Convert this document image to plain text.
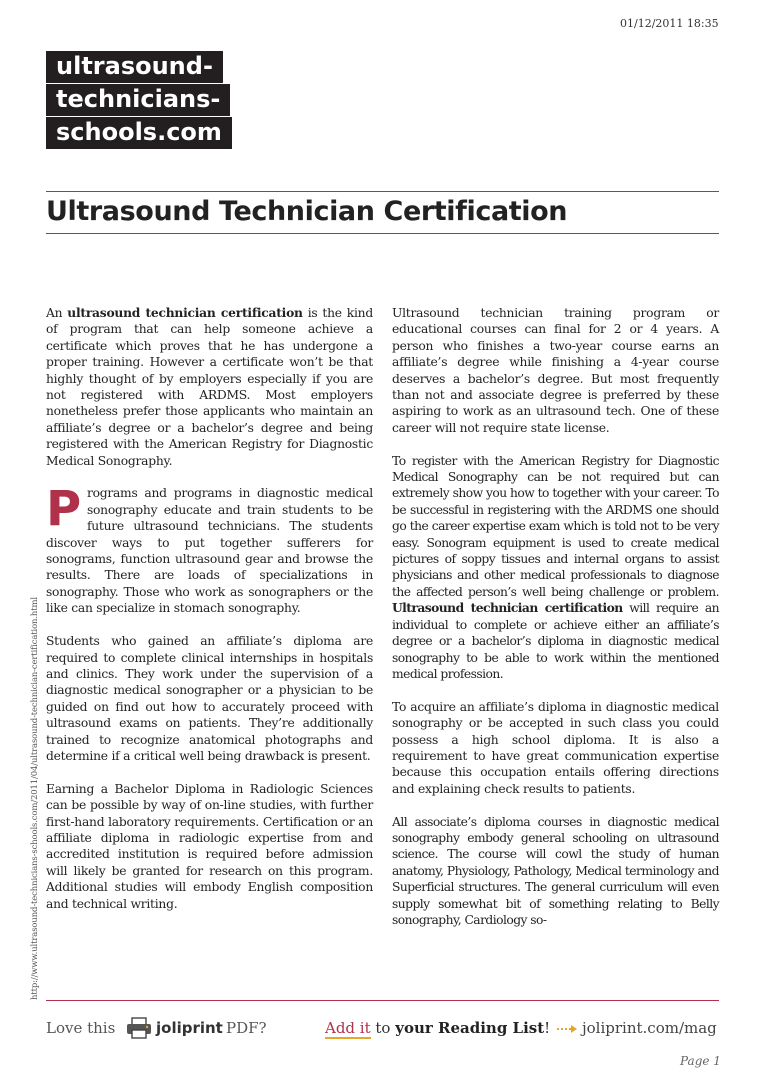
ultrasound-technicians-
schools.com
01/12/2011 18:35
Ultrasound Technician Certification
http://www.ultrasound-technicians-schools.com/2011/04/ultrasound-technician-certification.html

An ultrasound technician certification is the kind of program that can help someone achieve a certificate which proves that he has undergone a proper training. However a certificate won’t be that highly thought of by employers especially if you are not registered with ARDMS. Most employers nonetheless prefer those applicants who maintain an affiliate’s degree or a bachelor’s degree and being registered with the American Registry for Diagnostic Medical Sonography.

Programs and programs in diagnostic medical sonography educate and train students to be future ultrasound technicians. The students discover ways to put together sufferers for sonograms, function ultrasound gear and browse the results. There are loads of specializations in sonography. Those who work as sonographers or the like can specialize in stomach sonography.

Students who gained an affiliate’s diploma are required to complete clinical internships in hospitals and clinics. They work under the supervision of a diagnostic medical sonographer or a physician to be guided on find out how to accurately proceed with ultrasound exams on patients. They’re additionally trained to recognize anatomical photographs and determine if a critical well being drawback is present.

Earning a Bachelor Diploma in Radiologic Sciences can be possible by way of on-line studies, with further first-hand laboratory requirements. Certification or an affiliate diploma in radiologic expertise from and accredited institution is required before admission will likely be granted for research on this program. Additional studies will embody English composition and technical writing.

Ultrasound technician training program or educational courses can final for 2 or 4 years. A person who finishes a two-year course earns an affiliate’s degree while finishing a 4-year course deserves a bachelor’s degree. But most frequently than not and associate degree is preferred by these aspiring to work as an ultrasound tech. One of these career will not require state license.

To register with the American Registry for Diagnostic Medical Sonography can be not required but can extremely show you how to together with your career. To be successful in registering with the ARDMS one should go the career expertise exam which is told not to be very easy. Sonogram equipment is used to create medical pictures of soppy tissues and internal organs to assist physicians and other medical professionals to diagnose the affected person’s well being challenge or problem. Ultrasound technician certification will require an individual to complete or achieve either an affiliate’s degree or a bachelor’s diploma in diagnostic medical sonography to be able to work within the mentioned medical profession.

To acquire an affiliate’s diploma in diagnostic medical sonography or be accepted in such class you could possess a high school diploma. It is also a requirement to have great communication expertise because this occupation entails offering directions and explaining check results to patients.

All associate’s diploma courses in diagnostic medical sonography embody general schooling on ultrasound science. The course will cowl the study of human anatomy, Physiology, Pathology, Medical terminology and Superficial structures. The general curriculum will even supply somewhat bit of something relating to Belly sonography, Cardiology so-

Love this	joliprint PDF?	Add it to your Reading List!	joliprint.com/mag
Page 1
